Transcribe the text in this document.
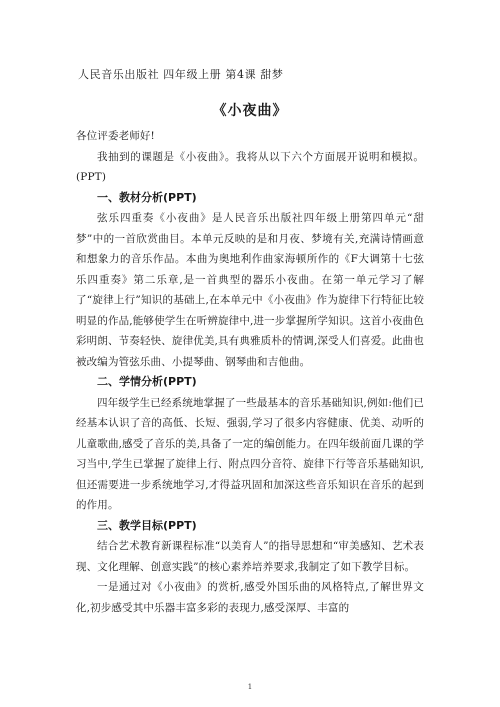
人民音乐出版社 四年级上册 第4课 甜梦
《小夜曲》

各位评委老师好!

我抽到的课题是《小夜曲》。我将从以下六个方面展开说明和模拟。(PPT)

一、教材分析(PPT)

弦乐四重奏《小夜曲》是人民音乐出版社四年级上册第四单元“甜梦”中的一首欣赏曲目。本单元反映的是和月夜、梦境有关,充满诗情画意和想象力的音乐作品。本曲为奥地利作曲家海顿所作的《F大调第十七弦乐四重奏》第二乐章,是一首典型的器乐小夜曲。在第一单元学习了解了“旋律上行”知识的基础上,在本单元中《小夜曲》作为旋律下行特征比较明显的作品,能够使学生在听辨旋律中,进一步掌握所学知识。这首小夜曲色彩明朗、节奏轻快、旋律优美,具有典雅质朴的情调,深受人们喜爱。此曲也被改编为管弦乐曲、小提琴曲、钢琴曲和吉他曲。

二、学情分析(PPT)

四年级学生已经系统地掌握了一些最基本的音乐基础知识,例如:他们已经基本认识了音的高低、长短、强弱,学习了很多内容健康、优美、动听的儿童歌曲,感受了音乐的美,具备了一定的编创能力。在四年级前面几课的学习当中,学生已掌握了旋律上行、附点四分音符、旋律下行等音乐基础知识,但还需要进一步系统地学习,才得益巩固和加深这些音乐知识在音乐的起到的作用。

三、教学目标(PPT)

结合艺术教育新课程标准“以美育人”的指导思想和“审美感知、艺术表现、文化理解、创意实践”的核心素养培养要求,我制定了如下教学目标。

一是通过对《小夜曲》的赏析,感受外国乐曲的风格特点,了解世界文化,初步感受其中乐器丰富多彩的表现力,感受深厚、丰富的

1
